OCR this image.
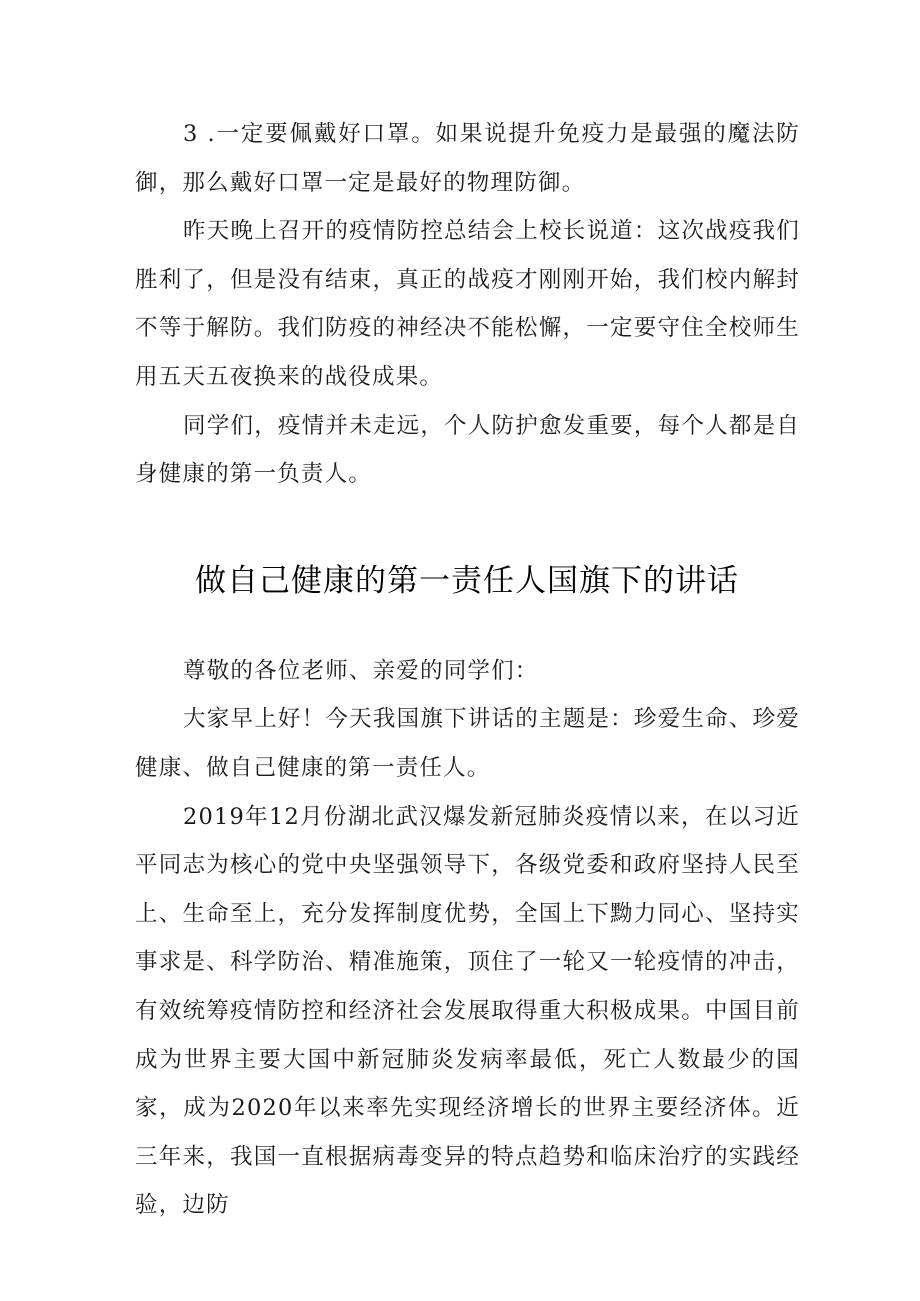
3 .一定要佩戴好口罩。如果说提升免疫力是最强的魔法防御，那么戴好口罩一定是最好的物理防御。

昨天晚上召开的疫情防控总结会上校长说道：这次战疫我们胜利了，但是没有结束，真正的战疫才刚刚开始，我们校内解封不等于解防。我们防疫的神经决不能松懈，一定要守住全校师生用五天五夜换来的战役成果。

同学们，疫情并未走远，个人防护愈发重要，每个人都是自身健康的第一负责人。

做自己健康的第一责任人国旗下的讲话

尊敬的各位老师、亲爱的同学们：

大家早上好！今天我国旗下讲话的主题是：珍爱生命、珍爱健康、做自己健康的第一责任人。

2019年12月份湖北武汉爆发新冠肺炎疫情以来，在以习近平同志为核心的党中央坚强领导下，各级党委和政府坚持人民至上、生命至上，充分发挥制度优势，全国上下黝力同心、坚持实事求是、科学防治、精准施策，顶住了一轮又一轮疫情的冲击，有效统筹疫情防控和经济社会发展取得重大积极成果。中国目前成为世界主要大国中新冠肺炎发病率最低，死亡人数最少的国家，成为2020年以来率先实现经济增长的世界主要经济体。近三年来，我国一直根据病毒变异的特点趋势和临床治疗的实践经验，边防
